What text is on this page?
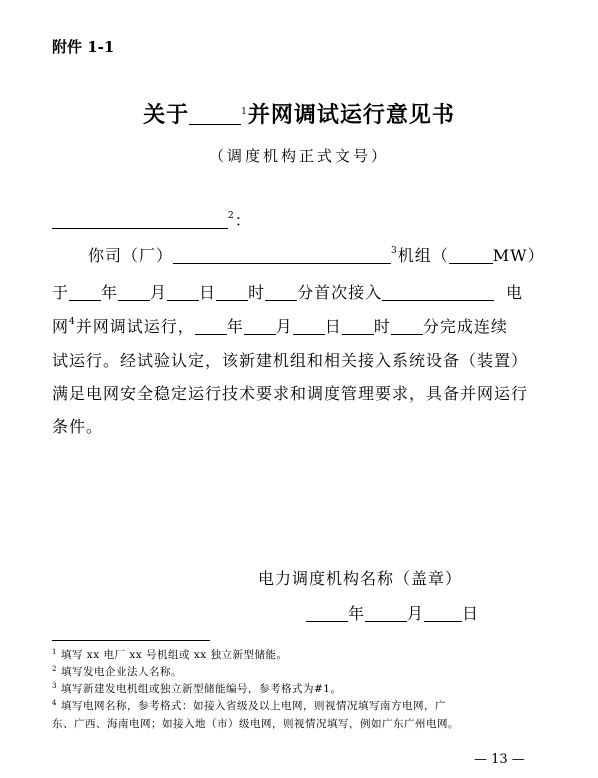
附件 1-1
关于	$^1$并网调试运行意见书
（调度机构正式文号）
$^2$：
你司（厂）	$^3$机组（	MW）
于 年 月 日 时 分首次接入	电
网$^4$并网调试运行， 年 月 日 时 分完成连续
试运行。经试验认定，该新建机组和相关接入系统设备（装置）
满足电网安全稳定运行技术要求和调度管理要求，具备并网运行
条件。
电力调度机构名称（盖章）
年	月 日
$^1$ 填写 xx 电厂 xx 号机组或 xx 独立新型储能。
$^2$ 填写发电企业法人名称。
$^3$ 填写新建发电机组或独立新型储能编号，参考格式为#1。
$^4$ 填写电网名称，参考格式：如接入省级及以上电网，则视情况填写南方电网，广
东、广西、海南电网；如接入地（市）级电网，则视情况填写，例如广东广州电网。
— 13 —
